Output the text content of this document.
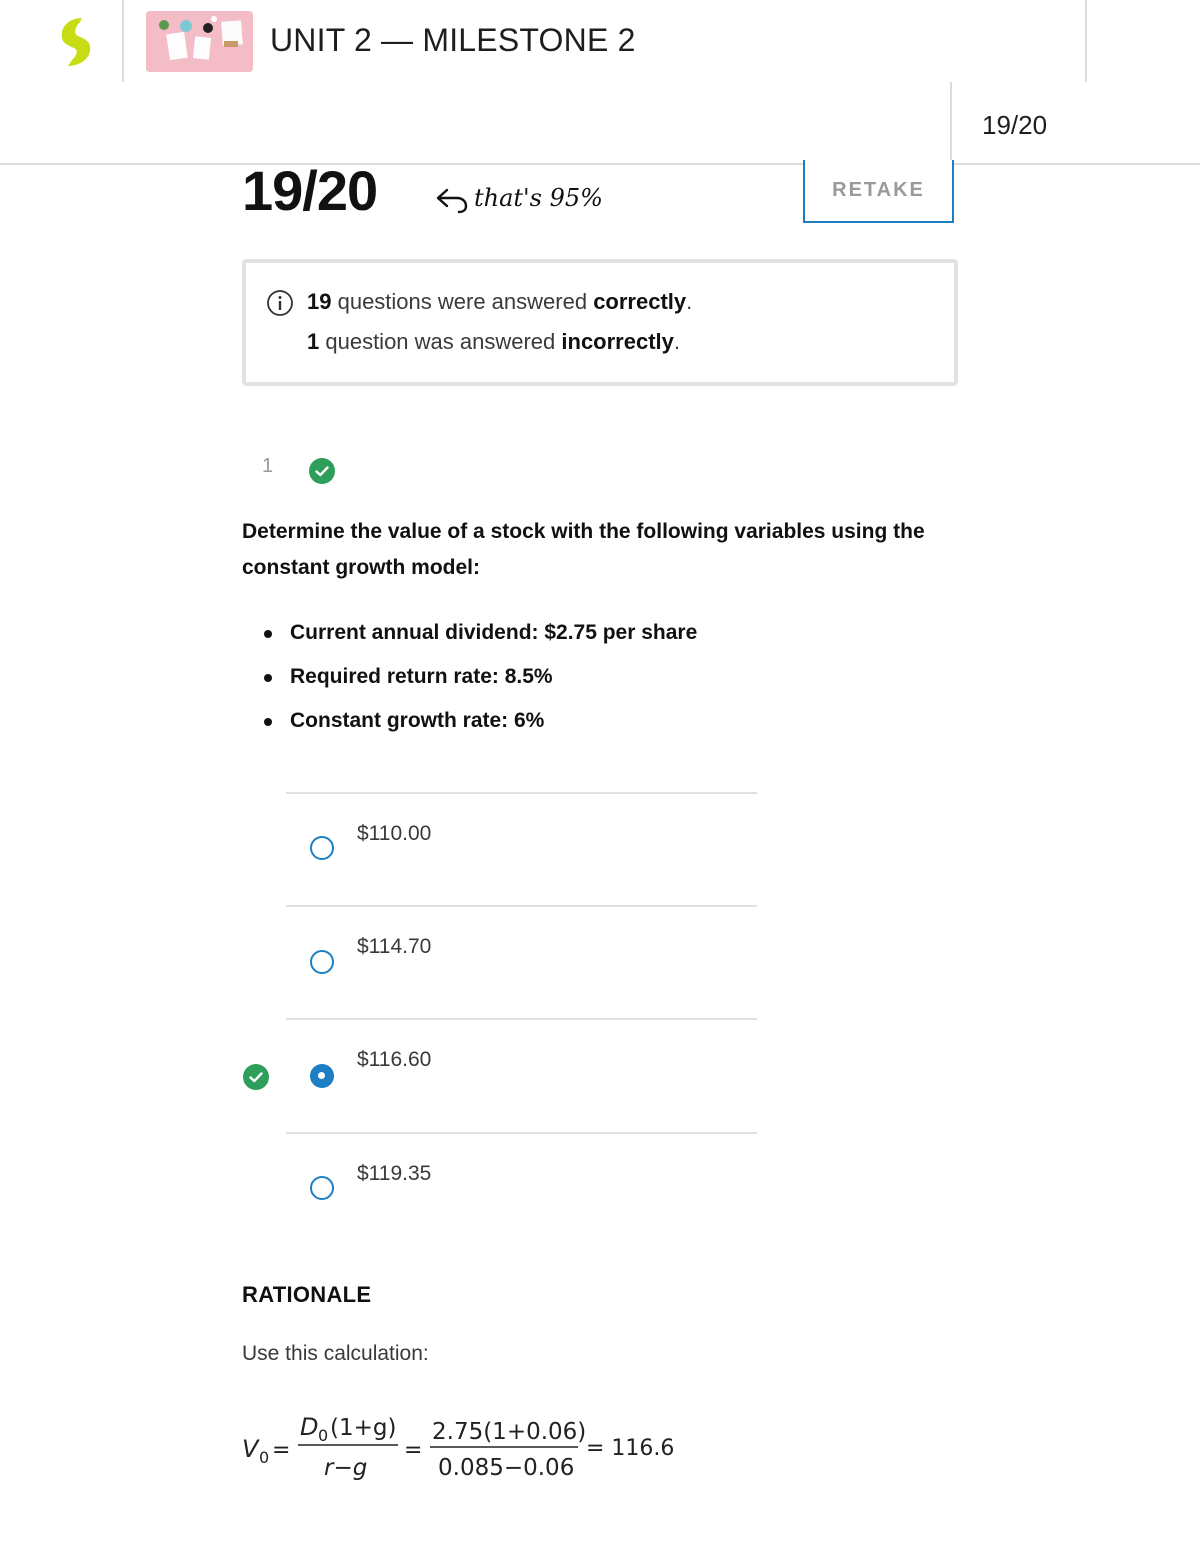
UNIT 2 — MILESTONE 2
19/20
19/20	that's 95%	RETAKE
19 questions were answered correctly.
1 question was answered incorrectly.
1
Determine the value of a stock with the following variables using the constant growth model:
Current annual dividend: $2.75 per share
Required return rate: 8.5%
Constant growth rate: 6%
$110.00
$114.70
$116.60
$119.35
RATIONALE
Use this calculation:
V 0 =
D 0 (1+g)
r−g
=
2.75(1+0.06)
0.085−0.06
= 116.6
